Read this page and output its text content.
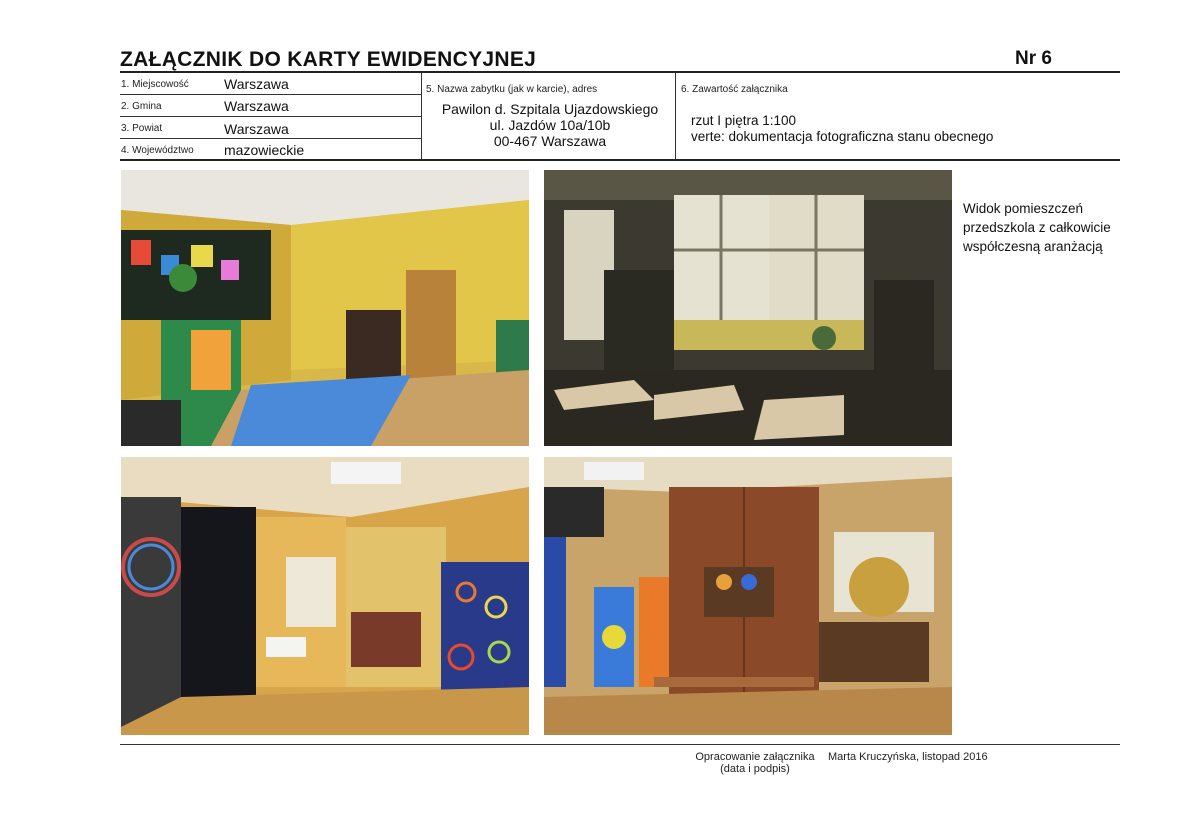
ZAŁĄCZNIK DO KARTY EWIDENCYJNEJ	Nr 6
1. Miejscowość	Warszawa
2. Gmina	Warszawa
3. Powiat	Warszawa
4. Województwo mazowieckie
5. Nazwa zabytku (jak w karcie), adres
Pawilon d. Szpitala Ujazdowskiego
ul. Jazdów 10a/10b
00-467 Warszawa
6. Zawartość załącznika
rzut I piętra 1:100
verte: dokumentacja fotograficzna stanu obecnego
Widok pomieszczeń
przedszkola z całkowicie
współczesną aranżacją
Opracowanie załącznika
(data i podpis)
Marta Kruczyńska, listopad 2016
